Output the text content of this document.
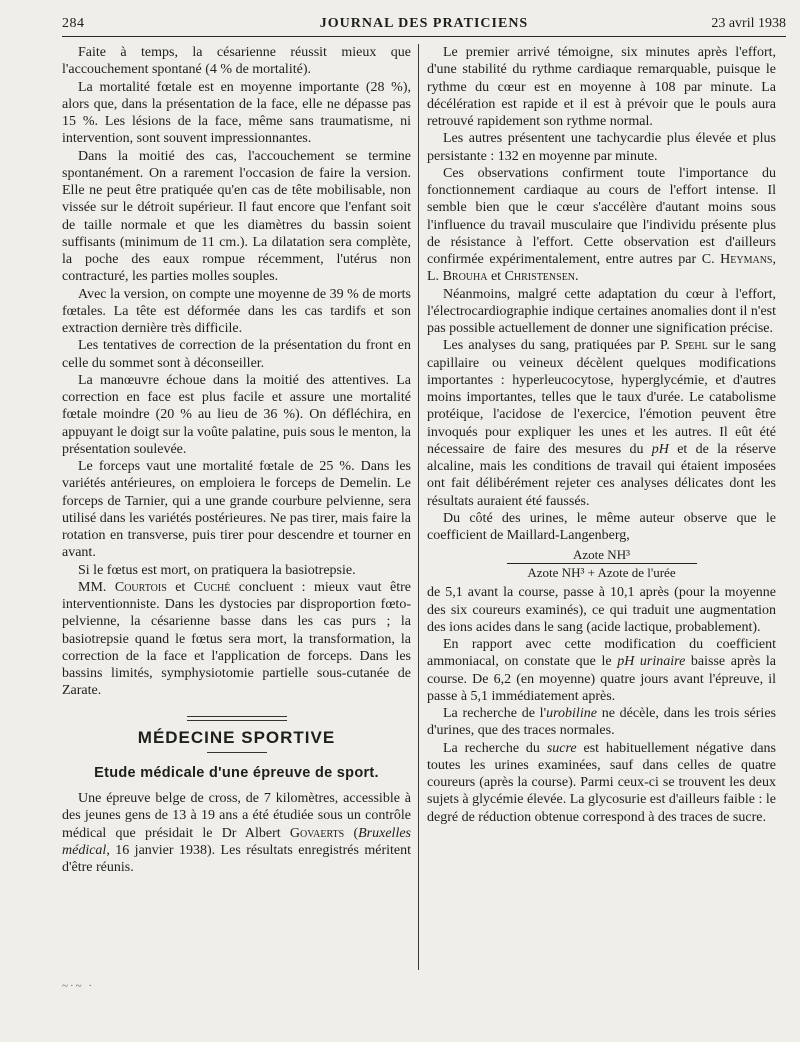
284	JOURNAL DES PRATICIENS	23 avril 1938

Faite à temps, la césarienne réussit mieux que l'accouchement spontané (4 % de mortalité).

La mortalité fœtale est en moyenne importante (28 %), alors que, dans la présentation de la face, elle ne dépasse pas 15 %. Les lésions de la face, même sans traumatisme, ni intervention, sont souvent impressionnantes.

Dans la moitié des cas, l'accouchement se termine spontanément. On a rarement l'occasion de faire la version. Elle ne peut être pratiquée qu'en cas de tête mobilisable, non vissée sur le détroit supérieur. Il faut encore que l'enfant soit de taille normale et que les diamètres du bassin soient suffisants (minimum de 11 cm.). La dilatation sera complète, la poche des eaux rompue récemment, l'utérus non contracturé, les parties molles souples.

Avec la version, on compte une moyenne de 39 % de morts fœtales. La tête est déformée dans les cas tardifs et son extraction dernière très difficile.

Les tentatives de correction de la présentation du front en celle du sommet sont à déconseiller.

La manœuvre échoue dans la moitié des attentives. La correction en face est plus facile et assure une mortalité fœtale moindre (20 % au lieu de 36 %). On défléchira, en appuyant le doigt sur la voûte palatine, puis sous le menton, la présentation soulevée.

Le forceps vaut une mortalité fœtale de 25 %. Dans les variétés antérieures, on emploiera le forceps de Demelin. Le forceps de Tarnier, qui a une grande courbure pelvienne, sera utilisé dans les variétés postérieures. Ne pas tirer, mais faire la rotation en transverse, puis tirer pour descendre et tourner en avant.

Si le fœtus est mort, on pratiquera la basiotrepsie.

MM. Courtois et Cuché concluent : mieux vaut être interventionniste. Dans les dystocies par disproportion fœto-pelvienne, la césarienne basse dans les cas purs ; la basiotrepsie quand le fœtus sera mort, la transformation, la correction de la face et l'application de forceps. Dans les bassins limités, symphysiotomie partielle sous-cutanée de Zarate.

MÉDECINE SPORTIVE
Etude médicale d'une épreuve de sport.

Une épreuve belge de cross, de 7 kilomètres, accessible à des jeunes gens de 13 à 19 ans a été étudiée sous un contrôle médical que présidait le Dr Albert Govaerts (Bruxelles médical, 16 janvier 1938). Les résultats enregistrés méritent d'être réunis.

Le premier arrivé témoigne, six minutes après l'effort, d'une stabilité du rythme cardiaque remarquable, puisque le rythme du cœur est en moyenne à 108 par minute. La décélération est rapide et il est à prévoir que le pouls aura retrouvé rapidement son rythme normal.

Les autres présentent une tachycardie plus élevée et plus persistante : 132 en moyenne par minute.

Ces observations confirment toute l'importance du fonctionnement cardiaque au cours de l'effort intense. Il semble bien que le cœur s'accélère d'autant moins sous l'influence du travail musculaire que l'individu présente plus de résistance à l'effort. Cette observation est d'ailleurs confirmée expérimentalement, entre autres par C. Heymans, L. Brouha et Christensen.

Néanmoins, malgré cette adaptation du cœur à l'effort, l'électrocardiographie indique certaines anomalies dont il n'est pas possible actuellement de donner une signification précise.

Les analyses du sang, pratiquées par P. Spehl sur le sang capillaire ou veineux décèlent quelques modifications importantes : hyperleucocytose, hyperglycémie, et d'autres moins importantes, telles que le taux d'urée. Le catabolisme protéique, l'acidose de l'exercice, l'émotion peuvent être invoqués pour expliquer les unes et les autres. Il eût été nécessaire de faire des mesures du pH et de la réserve alcaline, mais les conditions de travail qui étaient imposées ont fait délibérément rejeter ces analyses délicates dont les résultats auraient été faussés.

Du côté des urines, le même auteur observe que le coefficient de Maillard-Langenberg,

Azote NH³
Azote NH³ + Azote de l'urée

de 5,1 avant la course, passe à 10,1 après (pour la moyenne des six coureurs examinés), ce qui traduit une augmentation des ions acides dans le sang (acide lactique, probablement).

En rapport avec cette modification du coefficient ammoniacal, on constate que le pH urinaire baisse après la course. De 6,2 (en moyenne) quatre jours avant l'épreuve, il passe à 5,1 immédiatement après.

La recherche de l'urobiline ne décèle, dans les trois séries d'urines, que des traces normales.

La recherche du sucre est habituellement négative dans toutes les urines examinées, sauf dans celles de quatre coureurs (après la course). Parmi ceux-ci se trouvent les deux sujets à glycémie élevée. La glycosurie est d'ailleurs faible : le degré de réduction obtenue correspond à des traces de sucre.

~·~ ·
